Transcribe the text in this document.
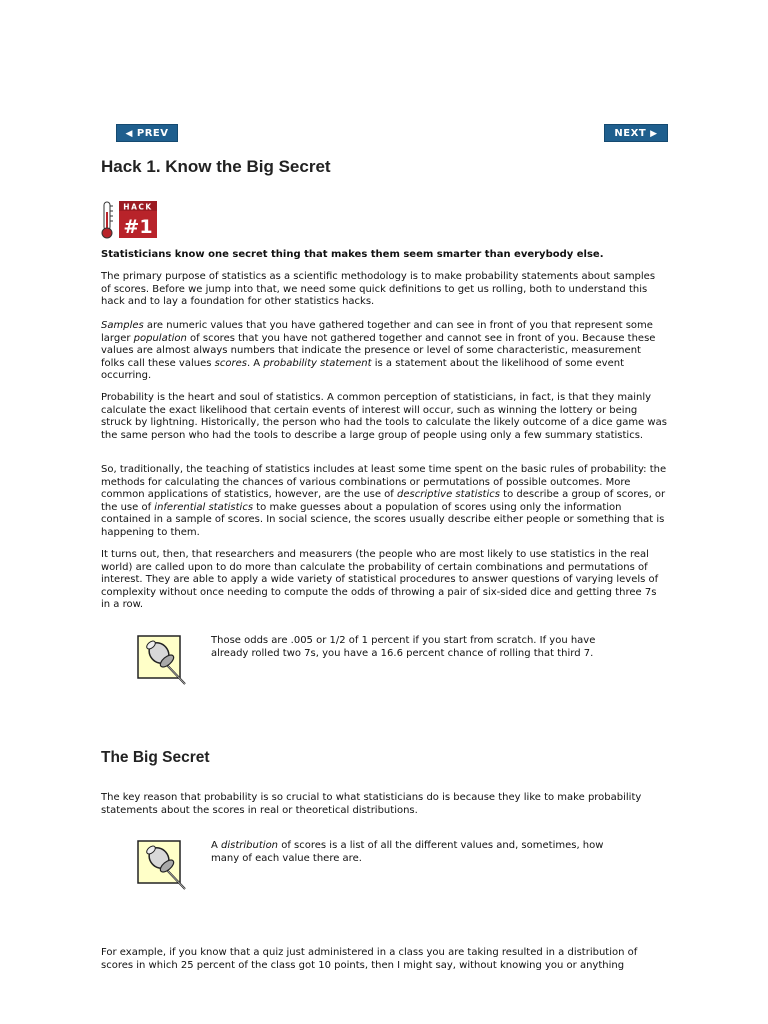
◀ PREV	NEXT ▶
Hack 1. Know the Big Secret
HACK
#1

Statisticians know one secret thing that makes them seem smarter than everybody else.

The primary purpose of statistics as a scientific methodology is to make probability statements about samples of scores. Before we jump into that, we need some quick definitions to get us rolling, both to understand this hack and to lay a foundation for other statistics hacks.

Samples are numeric values that you have gathered together and can see in front of you that represent some larger population of scores that you have not gathered together and cannot see in front of you. Because these values are almost always numbers that indicate the presence or level of some characteristic, measurement folks call these values scores. A probability statement is a statement about the likelihood of some event occurring.

Probability is the heart and soul of statistics. A common perception of statisticians, in fact, is that they mainly calculate the exact likelihood that certain events of interest will occur, such as winning the lottery or being struck by lightning. Historically, the person who had the tools to calculate the likely outcome of a dice game was the same person who had the tools to describe a large group of people using only a few summary statistics.

So, traditionally, the teaching of statistics includes at least some time spent on the basic rules of probability: the methods for calculating the chances of various combinations or permutations of possible outcomes. More common applications of statistics, however, are the use of descriptive statistics to describe a group of scores, or the use of inferential statistics to make guesses about a population of scores using only the information contained in a sample of scores. In social science, the scores usually describe either people or something that is happening to them.

It turns out, then, that researchers and measurers (the people who are most likely to use statistics in the real world) are called upon to do more than calculate the probability of certain combinations and permutations of interest. They are able to apply a wide variety of statistical procedures to answer questions of varying levels of complexity without once needing to compute the odds of throwing a pair of six-sided dice and getting three 7s in a row.

Those odds are .005 or 1/2 of 1 percent if you start from scratch. If you have already rolled two 7s, you have a 16.6 percent chance of rolling that third 7.

The Big Secret

The key reason that probability is so crucial to what statisticians do is because they like to make probability statements about the scores in real or theoretical distributions.

A distribution of scores is a list of all the different values and, sometimes, how many of each value there are.

For example, if you know that a quiz just administered in a class you are taking resulted in a distribution of scores in which 25 percent of the class got 10 points, then I might say, without knowing you or anything
